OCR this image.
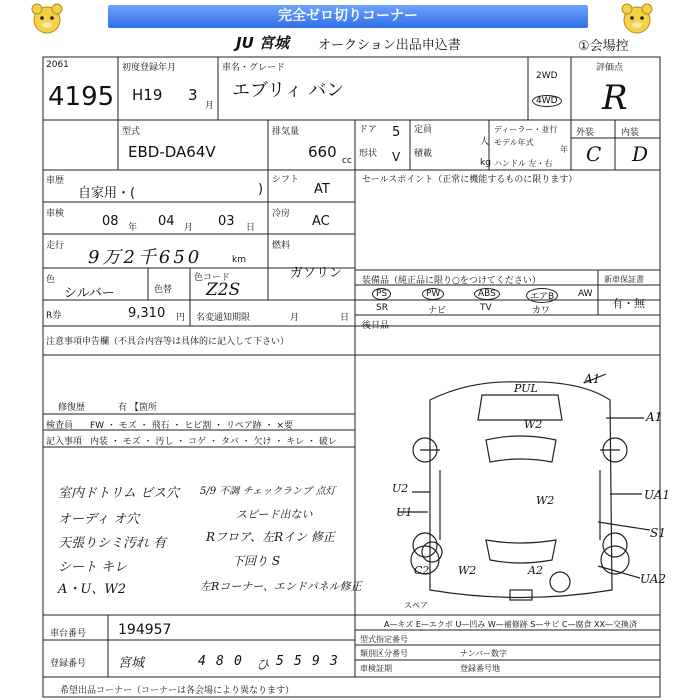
完全ゼロ切りコーナー
JU 宮城 オークション出品申込書	①会場控
2061
4195
初度登録年月
H19 3
月
車名・グレード
エブリィ バン
2WD
4WD
評価点
R
型式
EBD-DA64V
排気量
660 cc
ドア 5
形状 V
定員
人
積載
kg
ディーラー・並行
モデル年式
年
ハンドル 左・右
外装	内装
C D
車歴
自家用・(	)
シフト
AT
セールスポイント（正常に機能するものに限ります）
車検	08 年 04 月 03 日
冷房 AC
走行
9万2千650	km
燃料
ガソリン
色
シルバー	色替
色コード
Z2S
R券	9,310 円 名変通知期限	月	日
装備品（純正品に限り○をつけてください）	新車保証書
PS	PW	ABS	エアB	AW
SR	ナビ	TV	カワ
有・無
後日品
注意事項申告欄（不具合内容等は具体的に記入して下さい）
修復歴	有 【箇所
検査員 FW ・ モズ ・ 飛石 ・ ヒビ割 ・ リペア跡 ・ ×要
記入事項 内装 ・ モズ ・ 汚し ・ コゲ ・ タバ ・ 欠け ・ キレ ・ 破レ
室内ドトリム ビス穴
オーディ オ穴
天張りシミ汚れ 有
シート キレ
A・U、W2
5/9 不調 チェックランプ 点灯
スピード出ない
Rフロア、左Rイン 修正
下回り S
左Rコーナー、エンドパネル修正
PUL
A1
W2
A1
U2	UA1
U1
S1
W2
C2	W2	A2
UA2
スペア
A—キズ E—エクボ U—凹み W—補修跡 S—サビ C—腐食 XX—交換済
車台番号 194957
登録番号 宮城	4 8 0 ひ 5 5 9 3
型式指定番号
類別区分番号	ナンバー数字
車検証期	登録番号地
希望出品コーナー（コーナーは各会場により異なります）
